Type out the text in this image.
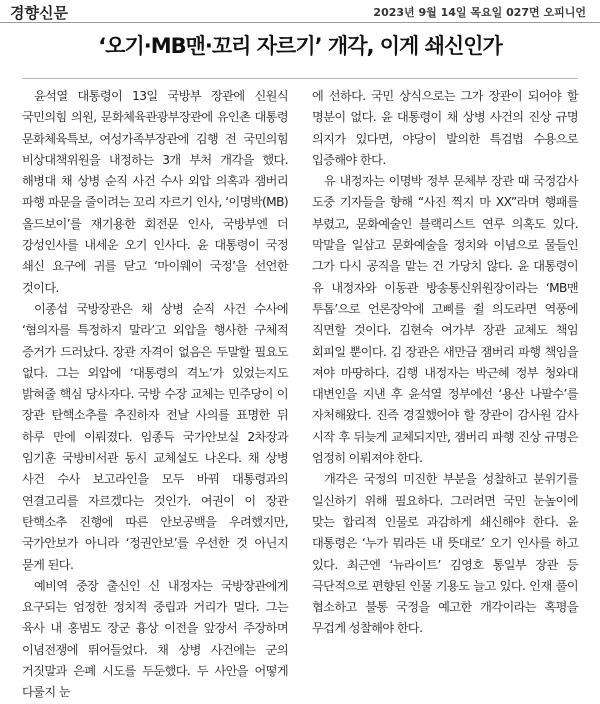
경향신문	2023년 9월 14일 목요일 027면 오피니언
‘오기·MB맨·꼬리 자르기’ 개각, 이게 쇄신인가

윤석열 대통령이 13일 국방부 장관에 신원식 국민의힘 의원, 문화체육관광부장관에 유인촌 대통령 문화체육특보, 여성가족부장관에 김행 전 국민의힘 비상대책위원을 내정하는 3개 부처 개각을 했다. 해병대 채 상병 순직 사건 수사 외압 의혹과 잼버리 파행 파문을 줄이려는 꼬리 자르기 인사, ‘이명박(MB) 올드보이’를 재기용한 회전문 인사, 국방부엔 더 강성인사를 내세운 오기 인사다. 윤 대통령이 국정 쇄신 요구에 귀를 닫고 ‘마이웨이 국정’을 선언한 것이다.

이종섭 국방장관은 채 상병 순직 사건 수사에 ‘혐의자를 특정하지 말라’고 외압을 행사한 구체적 증거가 드러났다. 장관 자격이 없음은 두말할 필요도 없다. 그는 외압에 ‘대통령의 격노’가 있었는지도 밝혀줄 핵심 당사자다. 국방 수장 교체는 민주당이 이 장관 탄핵소추를 추진하자 전날 사의를 표명한 뒤 하루 만에 이뤄졌다. 임종득 국가안보실 2차장과 임기훈 국방비서관 동시 교체설도 나온다. 채 상병 사건 수사 보고라인을 모두 바꿔 대통령과의 연결고리를 자르겠다는 것인가. 여권이 이 장관 탄핵소추 진행에 따른 안보공백을 우려했지만, 국가안보가 아니라 ‘정권안보’를 우선한 것 아닌지 묻게 된다.

예비역 중장 출신인 신 내정자는 국방장관에게 요구되는 엄정한 정치적 중립과 거리가 멀다. 그는 육사 내 홍범도 장군 흉상 이전을 앞장서 주장하며 이념전쟁에 뛰어들었다. 채 상병 사건에는 군의 거짓말과 은폐 시도를 두둔했다. 두 사안을 어떻게 다룰지 눈

에 선하다. 국민 상식으로는 그가 장관이 되어야 할 명분이 없다. 윤 대통령이 채 상병 사건의 진상 규명 의지가 있다면, 야당이 발의한 특검법 수용으로 입증해야 한다.

유 내정자는 이명박 정부 문체부 장관 때 국정감사 도중 기자들을 향해 “사진 찍지 마 XX”라며 행패를 부렸고, 문화예술인 블랙리스트 연루 의혹도 있다. 막말을 일삼고 문화예술을 정치와 이념으로 물들인 그가 다시 공직을 맡는 건 가당치 않다. 윤 대통령이 유 내정자와 이동관 방송통신위원장이라는 ‘MB맨 투톱’으로 언론장악에 고삐를 쥘 의도라면 역풍에 직면할 것이다. 김현숙 여가부 장관 교체도 책임 회피일 뿐이다. 김 장관은 새만금 잼버리 파행 책임을 져야 마땅하다. 김행 내정자는 박근혜 정부 청와대 대변인을 지낸 후 윤석열 정부에선 ‘용산 나팔수’를 자처해왔다. 진즉 경질했어야 할 장관이 감사원 감사 시작 후 뒤늦게 교체되지만, 잼버리 파행 진상 규명은 엄정히 이뤄져야 한다.

개각은 국정의 미진한 부분을 성찰하고 분위기를 일신하기 위해 필요하다. 그러려면 국민 눈높이에 맞는 합리적 인물로 과감하게 쇄신해야 한다. 윤 대통령은 ‘누가 뭐라든 내 뜻대로’ 오기 인사를 하고 있다. 최근엔 ‘뉴라이트’ 김영호 통일부 장관 등 극단적으로 편향된 인물 기용도 늘고 있다. 인재 풀이 협소하고 불통 국정을 예고한 개각이라는 혹평을 무겁게 성찰해야 한다.
